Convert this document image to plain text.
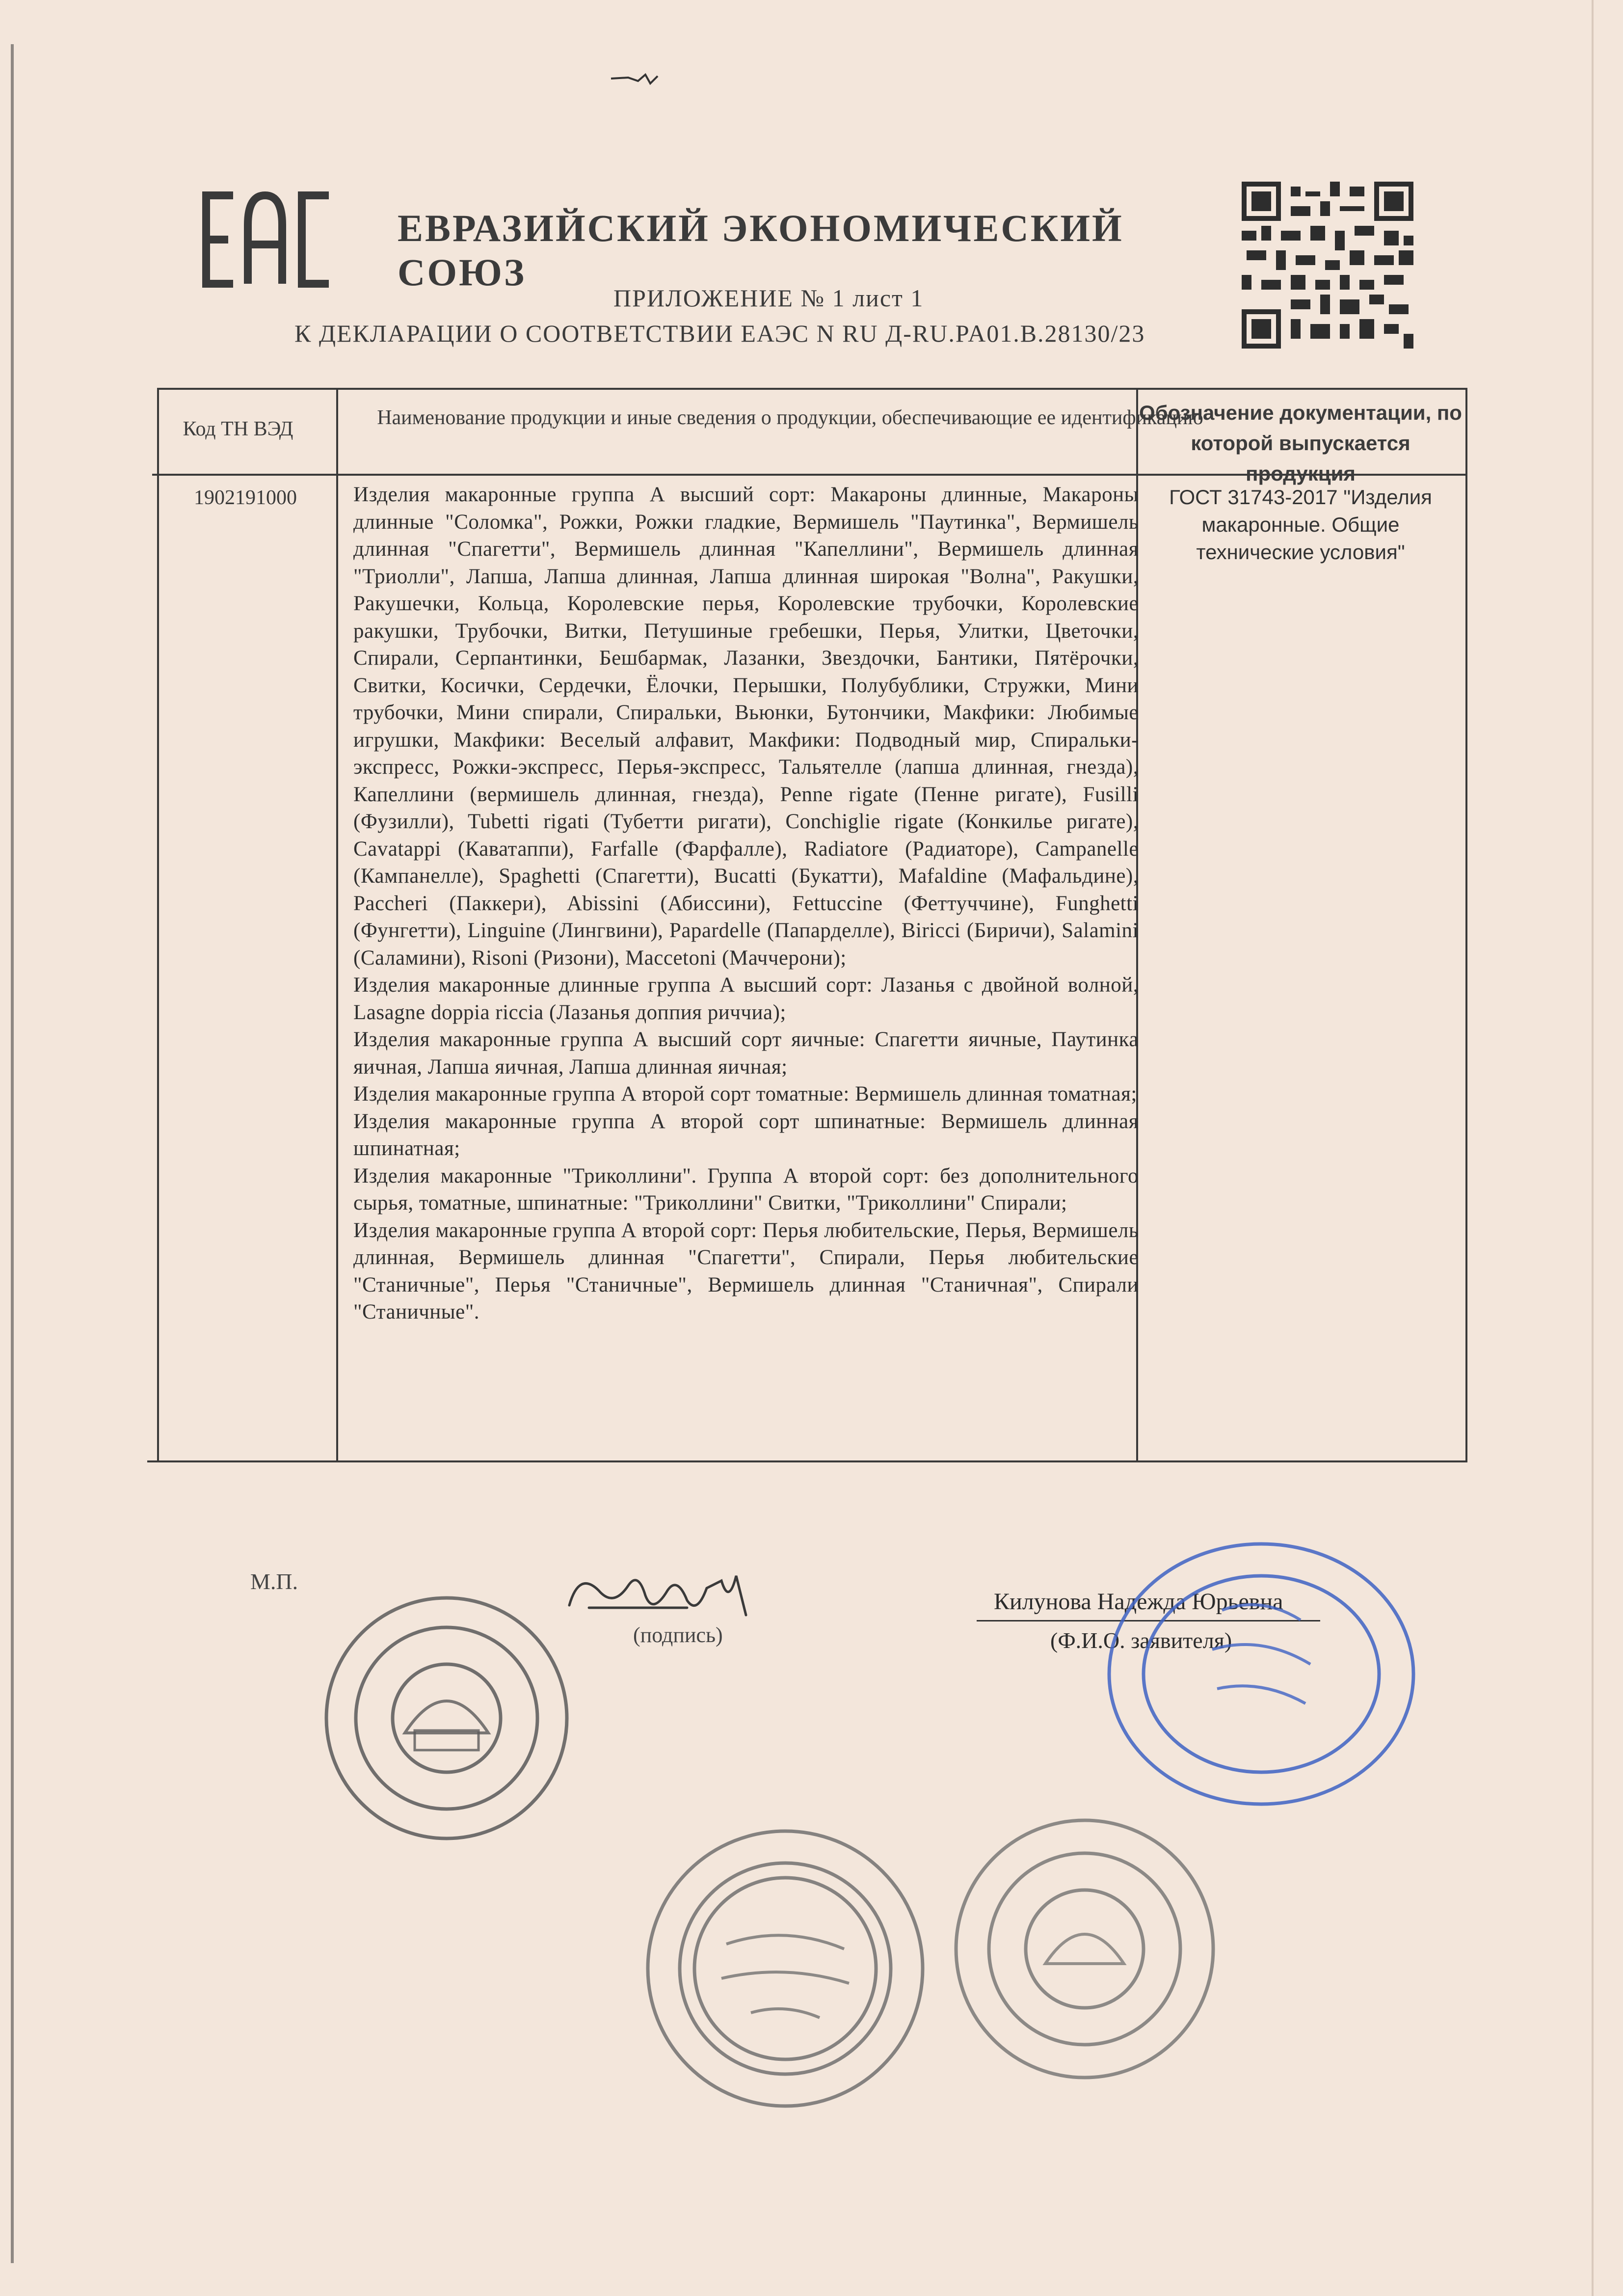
ЕВРАЗИЙСКИЙ ЭКОНОМИЧЕСКИЙ СОЮЗ
ПРИЛОЖЕНИЕ № 1 лист 1
К ДЕКЛАРАЦИИ О СООТВЕТСТВИИ ЕАЭС N RU Д-RU.PA01.B.28130/23
Код ТН ВЭД	Наименование продукции и иные сведения о продукции, обеспечивающие ее идентификацию
Обозначение документации, по которой выпускается продукция
1902191000	Изделия макаронные группа А высший сорт: Макароны длинные, Макароны длинные "Соломка", Рожки, Рожки гладкие, Вермишель "Паутинка", Вермишель длинная "Спагетти", Вермишель длинная "Капеллини", Вермишель длинная "Триолли", Лапша, Лапша длинная, Лапша длинная широкая "Волна", Ракушки, Ракушечки, Кольца, Королевские перья, Королевские трубочки, Королевские ракушки, Трубочки, Витки, Петушиные гребешки, Перья, Улитки, Цветочки, Спирали, Серпантинки, Бешбармак, Лазанки, Звездочки, Бантики, Пятёрочки, Свитки, Косички, Сердечки, Ёлочки, Перышки, Полубублики, Стружки, Мини трубочки, Мини спирали, Спиральки, Вьюнки, Бутончики, Макфики: Любимые игрушки, Макфики: Веселый алфавит, Макфики: Подводный мир, Спиральки-экспресс, Рожки-экспресс, Перья-экспресс, Тальятелле (лапша длинная, гнезда), Капеллини (вермишель длинная, гнезда), Penne rigate (Пенне ригате), Fusilli (Фузилли), Tubetti rigati (Тубетти ригати), Conchiglie rigate (Конкилье ригате), Cavatappi (Каватаппи), Farfalle (Фарфалле), Radiatore (Радиаторе), Campanelle (Кампанелле), Spaghetti (Спагетти), Bucatti (Букатти), Mafaldine (Мафальдине), Paccheri (Паккери), Abissini (Абиссини), Fettuccine (Феттуччине), Funghetti (Фунгетти), Linguine (Лингвини), Papardelle (Папарделле), Biricci (Биричи), Salamini (Саламини), Risoni (Ризони), Maccetoni (Маччерони);

Изделия макаронные длинные группа А высший сорт: Лазанья с двойной волной, Lasagne doppia riccia (Лазанья доппия риччиа);

Изделия макаронные группа А высший сорт яичные: Спагетти яичные, Паутинка яичная, Лапша яичная, Лапша длинная яичная;

Изделия макаронные группа А второй сорт томатные: Вермишель длинная томатная;

Изделия макаронные группа А второй сорт шпинатные: Вермишель длинная шпинатная;

Изделия макаронные "Триколлини". Группа А второй сорт: без дополнительного сырья, томатные, шпинатные: "Триколлини" Свитки, "Триколлини" Спирали;

Изделия макаронные группа А второй сорт: Перья любительские, Перья, Вермишель длинная, Вермишель длинная "Спагетти", Спирали, Перья любительские "Станичные", Перья "Станичные", Вермишель длинная "Станичная", Спирали "Станичные".

ГОСТ 31743-2017 "Изделия макаронные. Общие технические условия"
М.П.
(подпись)
Килунова Надежда Юрьевна
(Ф.И.О. заявителя)
